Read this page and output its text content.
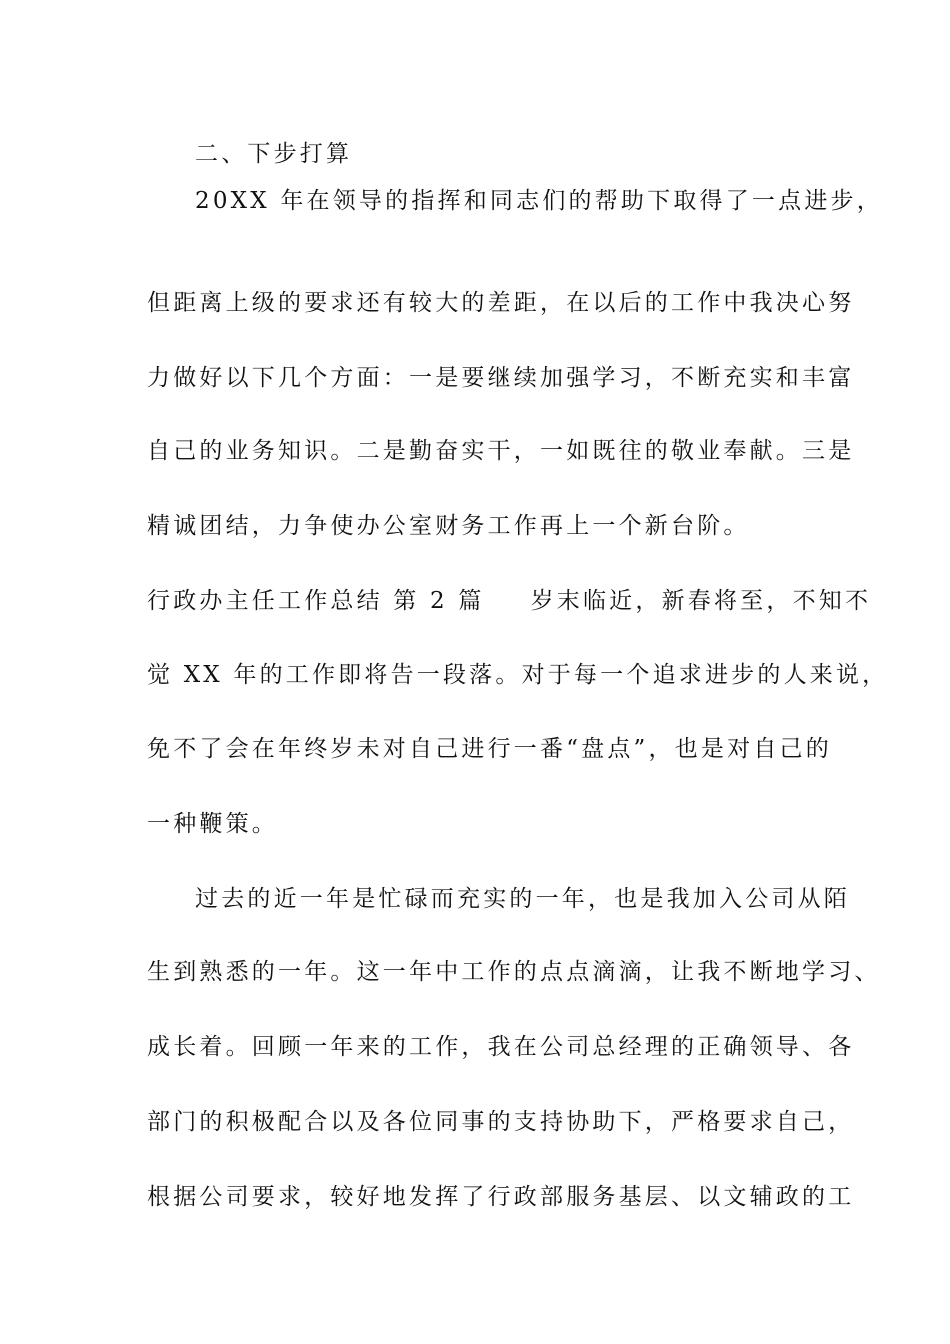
二、下步打算
20XX 年在领导的指挥和同志们的帮助下取得了一点进步，
但距离上级的要求还有较大的差距，在以后的工作中我决心努
力做好以下几个方面：一是要继续加强学习，不断充实和丰富
自己的业务知识。二是勤奋实干，一如既往的敬业奉献。三是
精诚团结，力争使办公室财务工作再上一个新台阶。
行政办主任工作总结 第 2 篇 岁末临近，新春将至，不知不
觉 XX 年的工作即将告一段落。对于每一个追求进步的人来说，
免不了会在年终岁未对自己进行一番“盘点”，也是对自己的
一种鞭策。
过去的近一年是忙碌而充实的一年，也是我加入公司从陌
生到熟悉的一年。这一年中工作的点点滴滴，让我不断地学习、
成长着。回顾一年来的工作，我在公司总经理的正确领导、各
部门的积极配合以及各位同事的支持协助下，严格要求自己，
根据公司要求，较好地发挥了行政部服务基层、以文辅政的工
